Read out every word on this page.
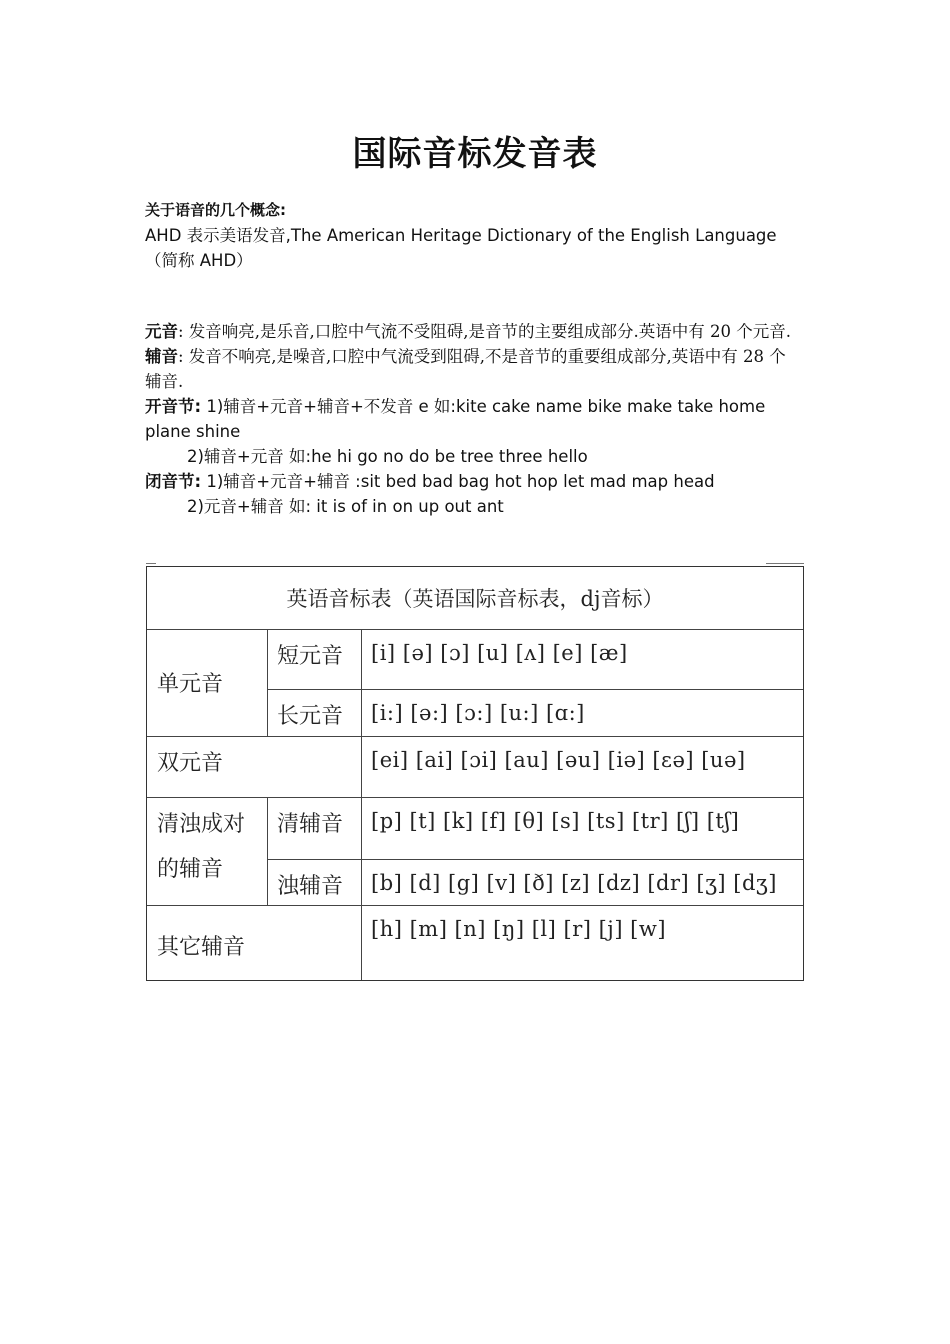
国际音标发音表
关于语音的几个概念:
AHD 表示美语发音,The American Heritage Dictionary of the English Language
（简称 AHD）
元音: 发音响亮,是乐音,口腔中气流不受阻碍,是音节的主要组成部分.英语中有 20 个元音.
辅音: 发音不响亮,是噪音,口腔中气流受到阻碍,不是音节的重要组成部分,英语中有 28 个
辅音.
开音节: 1)辅音+元音+辅音+不发音 e 如:kite cake name bike make take home
plane shine
2)辅音+元音 如:he hi go no do be tree three hello
闭音节: 1)辅音+元音+辅音 :sit bed bad bag hot hop let mad map head
2)元音+辅音 如: it is of in on up out ant
英语音标表（英语国际音标表，dj音标）
单元音
短元音 [i] [ə] [ɔ] [u] [ʌ] [e] [æ]
长元音 [i:] [ə:] [ɔ:] [u:] [ɑ:]
双元音	[ei] [ai] [ɔi] [au] [əu] [iə] [εə] [uə]
清浊成对
的辅音
清辅音 [p] [t] [k] [f] [θ] [s] [ts] [tr] [ʃ] [tʃ]
浊辅音 [b] [d] [g] [v] [ð] [z] [dz] [dr] [ʒ] [dʒ]
其它辅音
[h] [m] [n] [ŋ] [l] [r] [j] [w]
